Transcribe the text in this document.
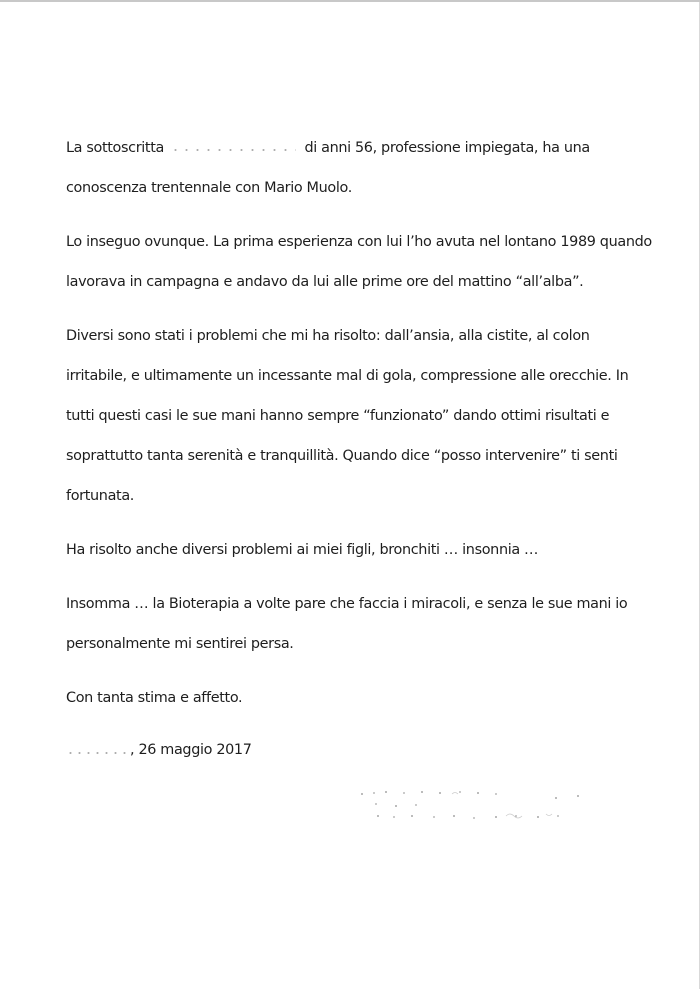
La sottoscritta	di anni 56, professione impiegata, ha una
conoscenza trentennale con Mario Muolo.

Lo inseguo ovunque. La prima esperienza con lui l’ho avuta nel lontano 1989 quando
lavorava in campagna e andavo da lui alle prime ore del mattino “all’alba”.

Diversi sono stati i problemi che mi ha risolto: dall’ansia, alla cistite, al colon
irritabile, e ultimamente un incessante mal di gola, compressione alle orecchie. In
tutti questi casi le sue mani hanno sempre “funzionato” dando ottimi risultati e
soprattutto tanta serenità e tranquillità. Quando dice “posso intervenire” ti senti
fortunata.

Ha risolto anche diversi problemi ai miei figli, bronchiti … insonnia …

Insomma … la Bioterapia a volte pare che faccia i miracoli, e senza le sue mani io
personalmente mi sentirei persa.

Con tanta stima e affetto.

, 26 maggio 2017
